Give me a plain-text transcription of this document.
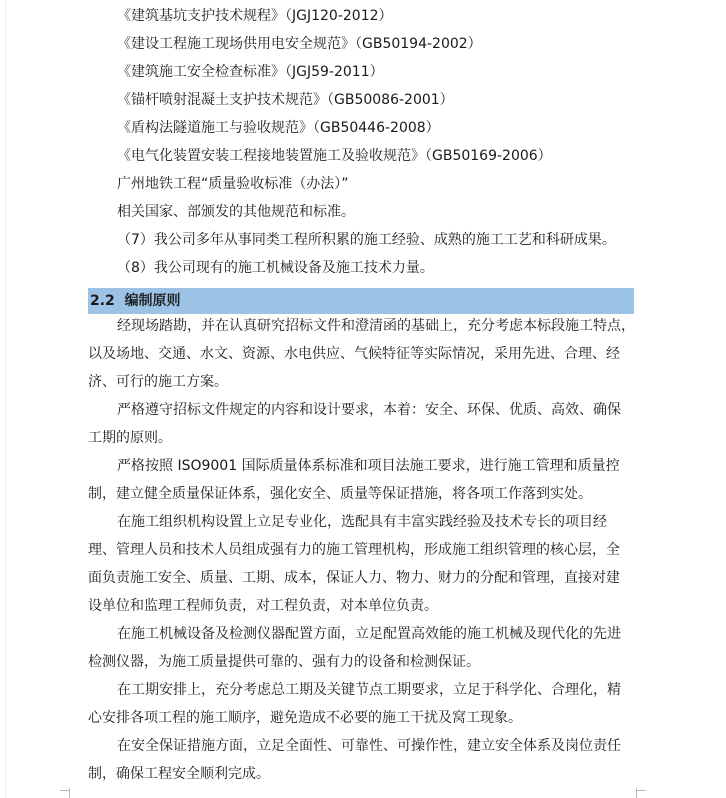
《建筑基坑支护技术规程》（JGJ120-2012）
《建设工程施工现场供用电安全规范》（GB50194-2002）
《建筑施工安全检查标准》（JGJ59-2011）
《锚杆喷射混凝土支护技术规范》（GB50086-2001）
《盾构法隧道施工与验收规范》（GB50446-2008）
《电气化装置安装工程接地装置施工及验收规范》（GB50169-2006）
广州地铁工程“质量验收标准（办法）”
相关国家、部颁发的其他规范和标准。
（7）我公司多年从事同类工程所积累的施工经验、成熟的施工工艺和科研成果。
（8）我公司现有的施工机械设备及施工技术力量。
2.2 编制原则
经现场踏勘，并在认真研究招标文件和澄清函的基础上，充分考虑本标段施工特点，
以及场地、交通、水文、资源、水电供应、气候特征等实际情况，采用先进、合理、经
济、可行的施工方案。
严格遵守招标文件规定的内容和设计要求，本着：安全、环保、优质、高效、确保
工期的原则。
严格按照 ISO9001 国际质量体系标准和项目法施工要求，进行施工管理和质量控
制，建立健全质量保证体系，强化安全、质量等保证措施，将各项工作落到实处。
在施工组织机构设置上立足专业化，选配具有丰富实践经验及技术专长的项目经
理、管理人员和技术人员组成强有力的施工管理机构，形成施工组织管理的核心层，全
面负责施工安全、质量、工期、成本，保证人力、物力、财力的分配和管理，直接对建
设单位和监理工程师负责，对工程负责，对本单位负责。
在施工机械设备及检测仪器配置方面，立足配置高效能的施工机械及现代化的先进
检测仪器，为施工质量提供可靠的、强有力的设备和检测保证。
在工期安排上，充分考虑总工期及关键节点工期要求，立足于科学化、合理化，精
心安排各项工程的施工顺序，避免造成不必要的施工干扰及窝工现象。
在安全保证措施方面，立足全面性、可靠性、可操作性，建立安全体系及岗位责任
制，确保工程安全顺利完成。
